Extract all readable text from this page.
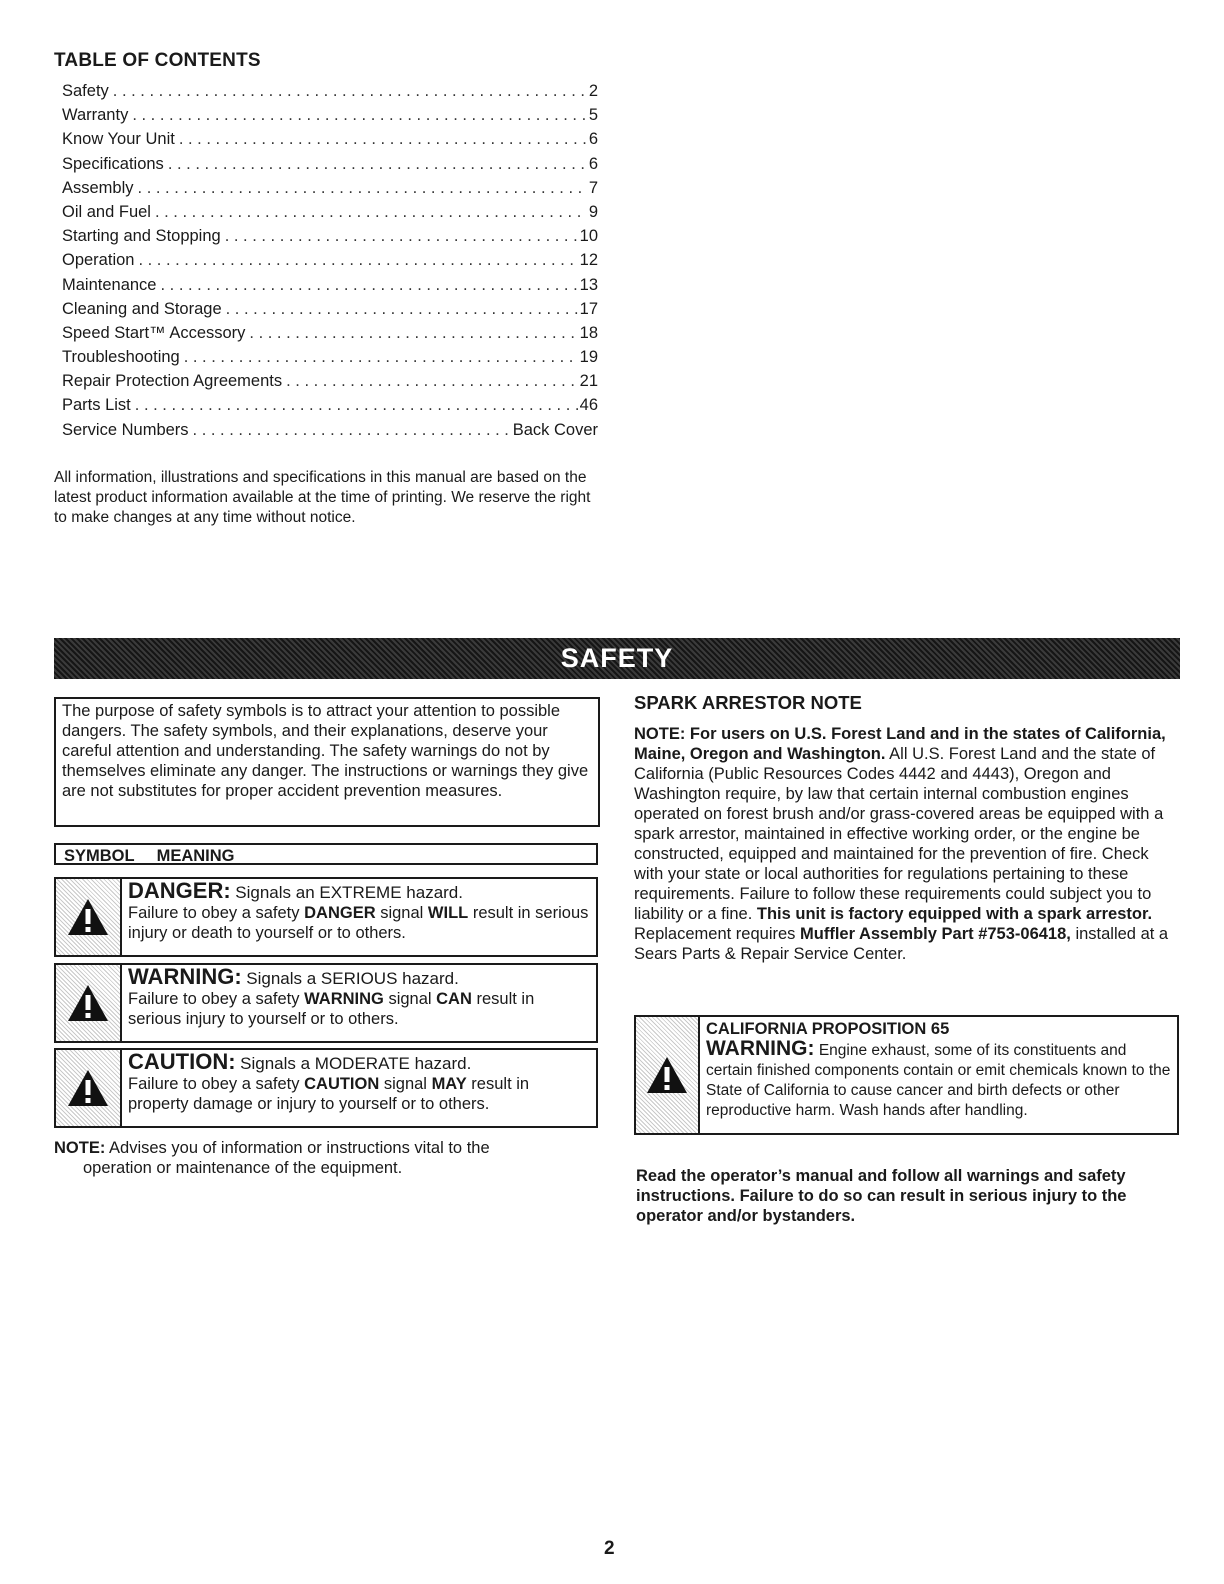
TABLE OF CONTENTS
Safety . . .	2
Warranty . . .	5
Know Your Unit . . .	6
Specifications . . .	6
Assembly . . .	7
Oil and Fuel . . .	9
Starting and Stopping . . .	10
Operation . . .	12
Maintenance . . .	13
Cleaning and Storage . . .	17
Speed Start™ Accessory . . .	18
Troubleshooting . . .	19
Repair Protection Agreements . . .	21
Parts List . . .	46
Service Numbers . . .	Back Cover
All information, illustrations and specifications in this manual are based on the latest product information available at the time of printing. We reserve the right to make changes at any time without notice.
SAFETY
The purpose of safety symbols is to attract your attention to possible dangers. The safety symbols, and their explanations, deserve your careful attention and understanding. The safety warnings do not by themselves eliminate any danger. The instructions or warnings they give are not substitutes for proper accident prevention measures.
SYMBOL MEANING
DANGER: Signals an EXTREME hazard.
Failure to obey a safety DANGER signal WILL result in serious injury or death to yourself or to others.
WARNING: Signals a SERIOUS hazard.
Failure to obey a safety WARNING signal CAN result in serious injury to yourself or to others.
CAUTION: Signals a MODERATE hazard.
Failure to obey a safety CAUTION signal MAY result in property damage or injury to yourself or to others.
NOTE: Advises you of information or instructions vital to the
operation or maintenance of the equipment.
SPARK ARRESTOR NOTE
NOTE: For users on U.S. Forest Land and in the states of California, Maine, Oregon and Washington. All U.S. Forest Land and the state of California (Public Resources Codes 4442 and 4443), Oregon and Washington require, by law that certain internal combustion engines operated on forest brush and/or grass-covered areas be equipped with a spark arrestor, maintained in effective working order, or the engine be constructed, equipped and maintained for the prevention of fire. Check with your state or local authorities for regulations pertaining to these requirements. Failure to follow these requirements could subject you to liability or a fine. This unit is factory equipped with a spark arrestor. Replacement requires Muffler Assembly Part #753-06418, installed at a Sears Parts & Repair Service Center.
CALIFORNIA PROPOSITION 65
WARNING: Engine exhaust, some of its constituents and certain finished components contain or emit chemicals known to the State of California to cause cancer and birth defects or other reproductive harm. Wash hands after handling.
Read the operator’s manual and follow all warnings and safety instructions. Failure to do so can result in serious injury to the operator and/or bystanders.
2
